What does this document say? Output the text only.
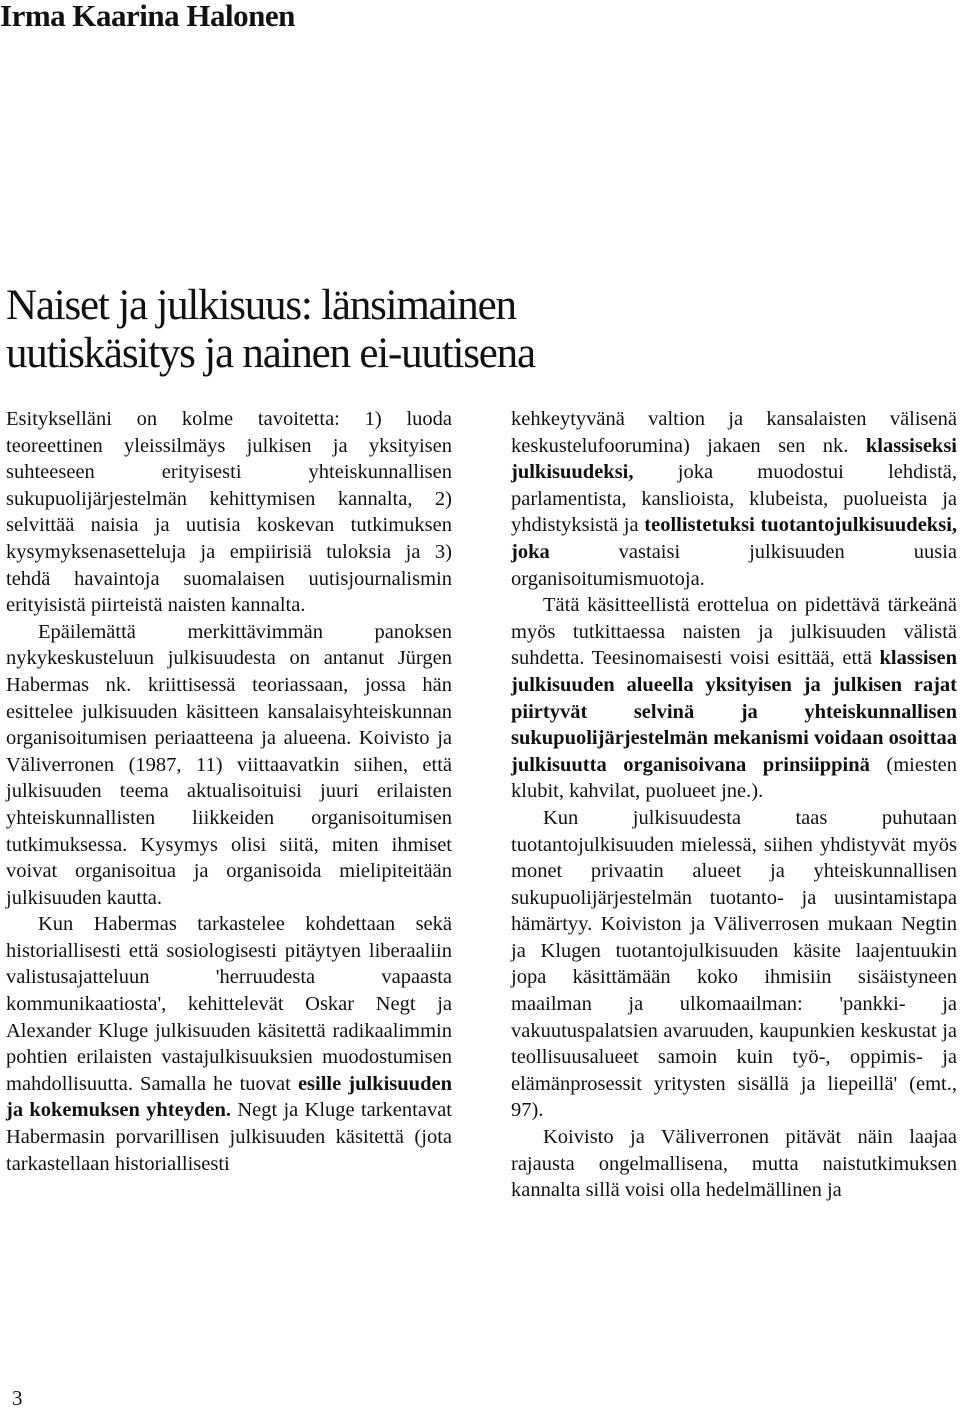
Irma Kaarina Halonen
Naiset ja julkisuus: länsimainen
uutiskäsitys ja nainen ei-uutisena

Esitykselläni on kolme tavoitetta: 1) luoda teoreettinen yleissilmäys julkisen ja yksityisen suhteeseen erityisesti yhteiskunnallisen sukupuolijärjestelmän kehittymisen kannalta, 2) selvittää naisia ja uutisia koskevan tutkimuksen kysymyksenasetteluja ja empiirisiä tuloksia ja 3) tehdä havaintoja suomalaisen uutisjournalismin erityisistä piirteistä naisten kannalta.

Epäilemättä merkittävimmän panoksen nykykeskusteluun julkisuudesta on antanut Jürgen Habermas nk. kriittisessä teoriassaan, jossa hän esittelee julkisuuden käsitteen kansalaisyhteiskunnan organisoitumisen periaatteena ja alueena. Koivisto ja Väliverronen (1987, 11) viittaavatkin siihen, että julkisuuden teema aktualisoituisi juuri erilaisten yhteiskunnallisten liikkeiden organisoitumisen tutkimuksessa. Kysymys olisi siitä, miten ihmiset voivat organisoitua ja organisoida mielipiteitään julkisuuden kautta.

Kun Habermas tarkastelee kohdettaan sekä historiallisesti että sosiologisesti pitäytyen liberaaliin valistusajatteluun 'herruudesta vapaasta kommunikaatiosta', kehittelevät Oskar Negt ja Alexander Kluge julkisuuden käsitettä radikaalimmin pohtien erilaisten vastajulkisuuksien muodostumisen mahdollisuutta. Samalla he tuovat esille julkisuuden ja kokemuksen yhteyden. Negt ja Kluge tarkentavat Habermasin porvarillisen julkisuuden käsitettä (jota tarkastellaan historiallisesti

kehkeytyvänä valtion ja kansalaisten välisenä keskustelufoorumina) jakaen sen nk. klassiseksi julkisuudeksi, joka muodostui lehdistä, parlamentista, kanslioista, klubeista, puolueista ja yhdistyksistä ja teollistetuksi tuotantojulkisuudeksi, joka vastaisi julkisuuden uusia organisoitumismuotoja.

Tätä käsitteellistä erottelua on pidettävä tärkeänä myös tutkittaessa naisten ja julkisuuden välistä suhdetta. Teesinomaisesti voisi esittää, että klassisen julkisuuden alueella yksityisen ja julkisen rajat piirtyvät selvinä ja yhteiskunnallisen sukupuolijärjestelmän mekanismi voidaan osoittaa julkisuutta organisoivana prinsiippinä (miesten klubit, kahvilat, puolueet jne.).

Kun julkisuudesta taas puhutaan tuotantojulkisuuden mielessä, siihen yhdistyvät myös monet privaatin alueet ja yhteiskunnallisen sukupuolijärjestelmän tuotanto- ja uusintamistapa hämärtyy. Koiviston ja Väliverrosen mukaan Negtin ja Klugen tuotantojulkisuuden käsite laajentuukin jopa käsittämään koko ihmisiin sisäistyneen maailman ja ulkomaailman: 'pankki- ja vakuutuspalatsien avaruuden, kaupunkien keskustat ja teollisuusalueet samoin kuin työ-, oppimis- ja elämänprosessit yritysten sisällä ja liepeillä' (emt., 97).

Koivisto ja Väliverronen pitävät näin laajaa rajausta ongelmallisena, mutta naistutkimuksen kannalta sillä voisi olla hedelmällinen ja

3
